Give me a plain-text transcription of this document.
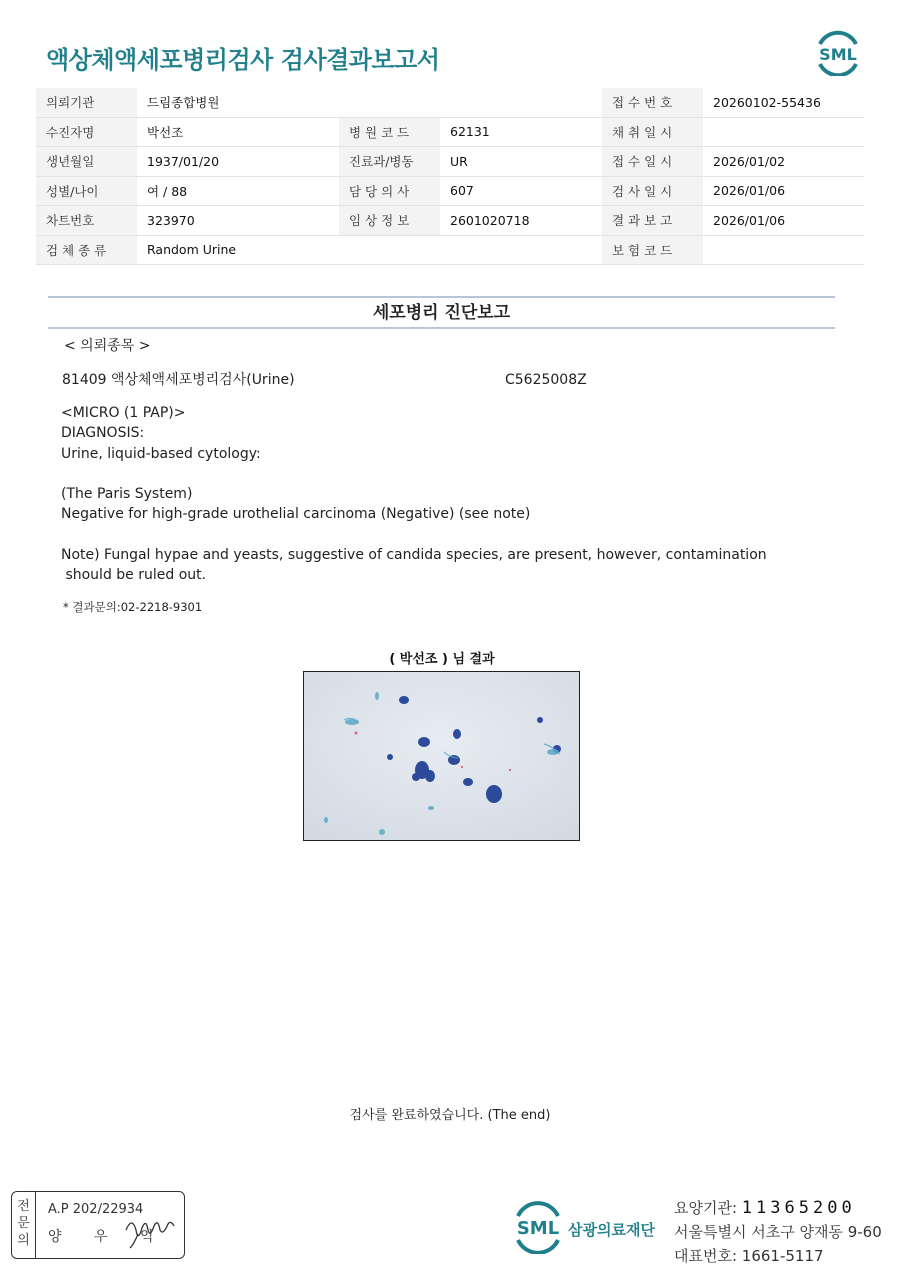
액상체액세포병리검사 검사결과보고서	SML
의뢰기관	드림종합병원			접 수 번 호	20260102-55436
수진자명	박선조	병 원 코 드	62131	채 취 일 시	
생년월일	1937/01/20	진료과/병동	UR	접 수 일 시	2026/01/02
성별/나이	여 / 88	담 당 의 사	607	검 사 일 시	2026/01/06
차트번호	323970	임 상 정 보	2601020718	결 과 보 고	2026/01/06
검 체 종 류	Random Urine			보 험 코 드	
세포병리 진단보고
< 의뢰종목 >
81409 액상체액세포병리검사(Urine)	C5625008Z
<MICRO (1 PAP)>
DIAGNOSIS:
Urine, liquid-based cytology:
(The Paris System)
Negative for high-grade urothelial carcinoma (Negative) (see note)
Note) Fungal hypae and yeasts, suggestive of candida species, are present, however, contamination
should be ruled out.
* 결과문의:02-2218-9301
( 박선조 ) 님 결과
검사를 완료하였습니다. (The end)
전문의
A.P 202/22934
양 우 익	SML 삼광의료재단
요양기관: 11365200
서울특별시 서초구 양재동 9-60
대표번호: 1661-5117
